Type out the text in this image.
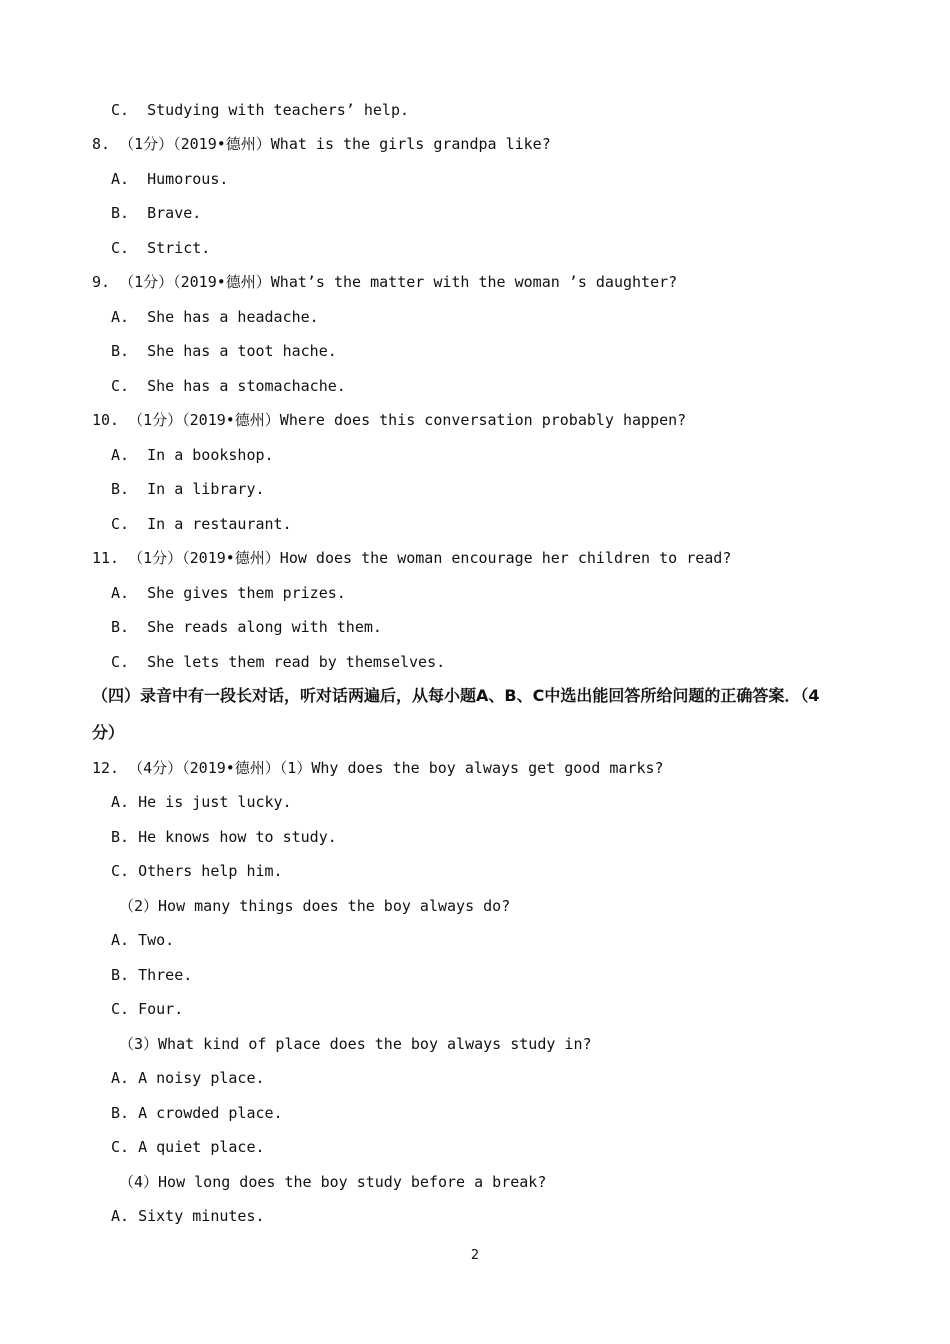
C.  Studying with teachers’ help.
8. （1分）（2019•德州）What is the girls grandpa like?
A.  Humorous.
B.  Brave.
C.  Strict.
9. （1分）（2019•德州）What’s the matter with the woman ’s daughter?
A.  She has a headache.
B.  She has a toot hache.
C.  She has a stomachache.
10. （1分）（2019•德州）Where does this conversation probably happen?
A.  In a bookshop.
B.  In a library.
C.  In a restaurant.
11. （1分）（2019•德州）How does the woman encourage her children to read?
A.  She gives them prizes.
B.  She reads along with them.
C.  She lets them read by themselves.
（四）录音中有一段长对话，听对话两遍后，从每小题A、B、C中选出能回答所给问题的正确答案．（4
分）
12. （4分）（2019•德州）（1）Why does the boy always get good marks?
A. He is just lucky.
B. He knows how to study.
C. Others help him.
（2）How many things does the boy always do?
A. Two.
B. Three.
C. Four.
（3）What kind of place does the boy always study in?
A. A noisy place.
B. A crowded place.
C. A quiet place.
（4）How long does the boy study before a break?
A. Sixty minutes.
2
